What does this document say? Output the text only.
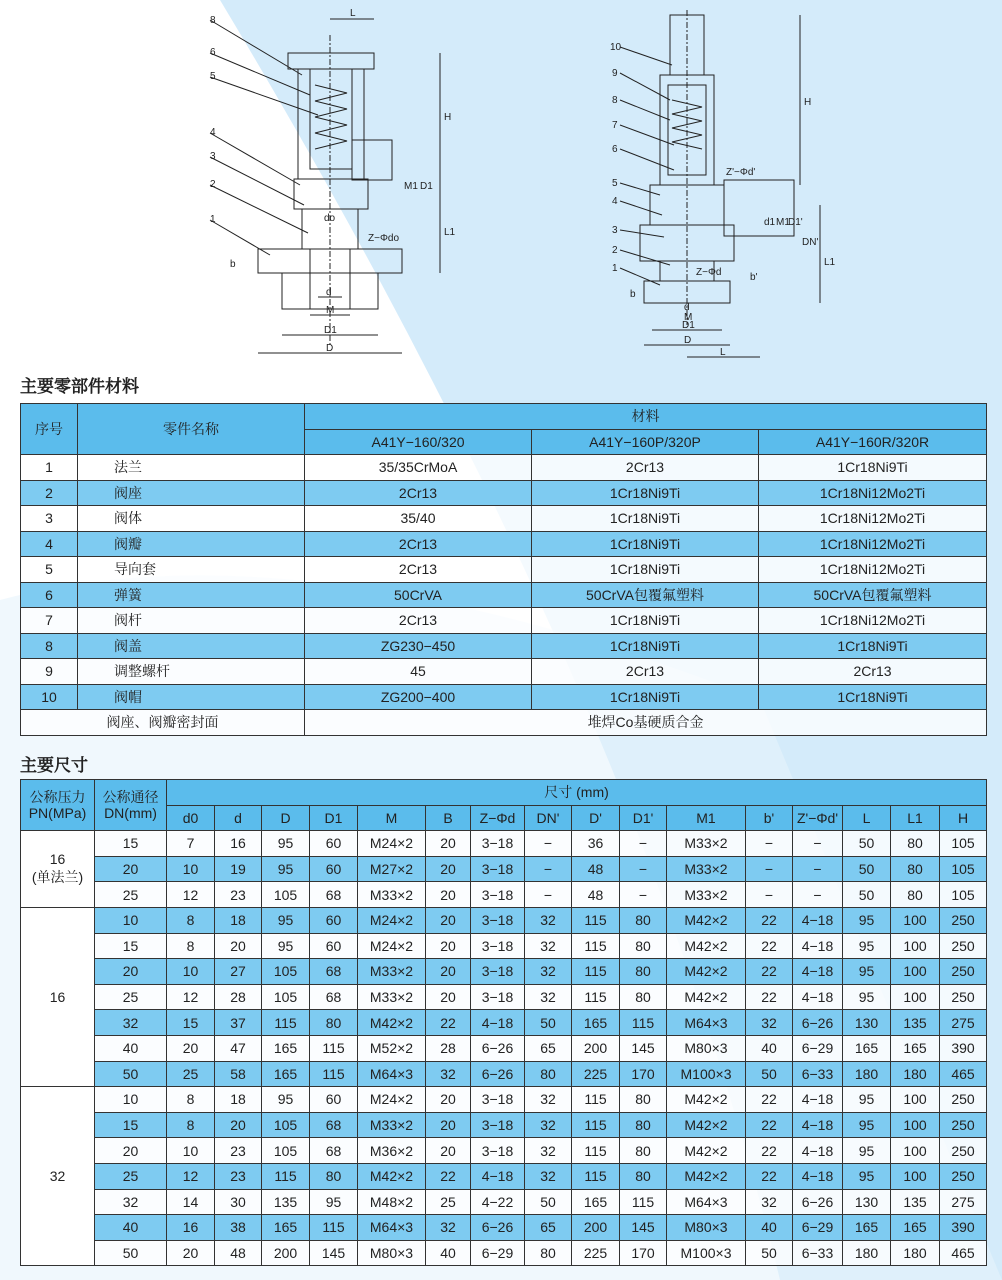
8
6
5
4
3
2
1
L
H
L1
M1 D1
do
Z−Φdo
b
d
M
D1
D
10
9
8
7
6
5
4
3
2
1
H
Z'−Φd'
d1 M1
D1'
DN'
L1
b'
b
Z−Φd
d
M
D1
D
L
主要零部件材料
序号	零件名称	材料		
		A41Y−160/320	A41Y−160P/320P	A41Y−160R/320R
1	法兰	35/35CrMoA	2Cr13	1Cr18Ni9Ti
2	阀座	2Cr13	1Cr18Ni9Ti	1Cr18Ni12Mo2Ti
3	阀体	35/40	1Cr18Ni9Ti	1Cr18Ni12Mo2Ti
4	阀瓣	2Cr13	1Cr18Ni9Ti	1Cr18Ni12Mo2Ti
5	导向套	2Cr13	1Cr18Ni9Ti	1Cr18Ni12Mo2Ti
6	弹簧	50CrVA	50CrVA包覆氟塑料	50CrVA包覆氟塑料
7	阀杆	2Cr13	1Cr18Ni9Ti	1Cr18Ni12Mo2Ti
8	阀盖	ZG230−450	1Cr18Ni9Ti	1Cr18Ni9Ti
9	调整螺杆	45	2Cr13	2Cr13
10	阀帽	ZG200−400	1Cr18Ni9Ti	1Cr18Ni9Ti
阀座、阀瓣密封面		堆焊Co基硬质合金		
主要尺寸
公称压力 PN(MPa)	公称通径 DN(mm)	尺寸 (mm)															
		d0	d	D	D1	M	B	Z−Φd	DN'	D'	D1'	M1	b'	Z'−Φd'	L	L1	H

16
(单法兰)	15	7	16	95	60	M24×2	20	3−18	−	36	−	M33×2	−	−	50	80	105
	20	10	19	95	60	M27×2	20	3−18	−	48	−	M33×2	−	−	50	80	105
	25	12	23	105	68	M33×2	20	3−18	−	48	−	M33×2	−	−	50	80	105

16	10	8	18	95	60	M24×2	20	3−18	32	115	80	M42×2	22	4−18	95	100	250
	15	8	20	95	60	M24×2	20	3−18	32	115	80	M42×2	22	4−18	95	100	250
	20	10	27	105	68	M33×2	20	3−18	32	115	80	M42×2	22	4−18	95	100	250
	25	12	28	105	68	M33×2	20	3−18	32	115	80	M42×2	22	4−18	95	100	250
	32	15	37	115	80	M42×2	22	4−18	50	165	115	M64×3	32	6−26	130	135	275
	40	20	47	165	115	M52×2	28	6−26	65	200	145	M80×3	40	6−29	165	165	390
	50	25	58	165	115	M64×3	32	6−26	80	225	170	M100×3	50	6−33	180	180	465

32	10	8	18	95	60	M24×2	20	3−18	32	115	80	M42×2	22	4−18	95	100	250
	15	8	20	105	68	M33×2	20	3−18	32	115	80	M42×2	22	4−18	95	100	250
	20	10	23	105	68	M36×2	20	3−18	32	115	80	M42×2	22	4−18	95	100	250
	25	12	23	115	80	M42×2	22	4−18	32	115	80	M42×2	22	4−18	95	100	250
	32	14	30	135	95	M48×2	25	4−22	50	165	115	M64×3	32	6−26	130	135	275
	40	16	38	165	115	M64×3	32	6−26	65	200	145	M80×3	40	6−29	165	165	390
	50	20	48	200	145	M80×3	40	6−29	80	225	170	M100×3	50	6−33	180	180	465
